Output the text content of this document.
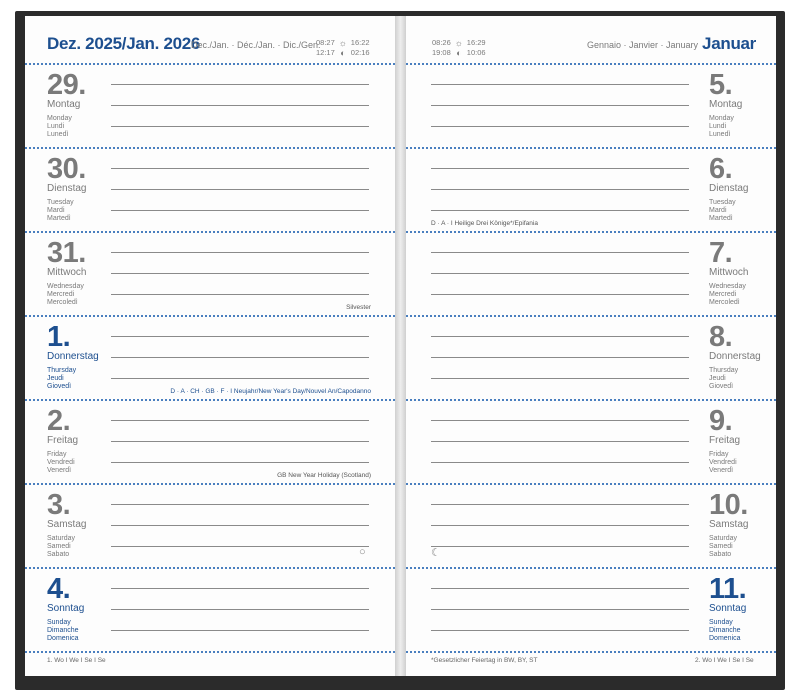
Dez. 2025/Jan. 2026
Dec./Jan. · Déc./Jan. · Dic./Gen.
08:27 ☼ 16:22
12:17 ◐ 02:16
29.
Montag
Monday
Lundi
Lunedì
30.
Dienstag
Tuesday
Mardi
Martedì
31.
Mittwoch
Wednesday
Mercredi
Mercoledì
Silvester
1.
Donnerstag
Thursday
Jeudi
Giovedì
D · A · CH · GB · F · I Neujahr/New Year's Day/Nouvel An/Capodanno
2.
Freitag
Friday
Vendredi
Venerdì
GB New Year Holiday (Scotland)
3.
Samstag
Saturday
Samedi
Sabato	○
4.
Sonntag
Sunday
Dimanche
Domenica
1. Wo I We I Se I Se
08:26 ☼ 16:29
19:08 ◐ 10:06
Gennaio · Janvier · January Januar
5.
Montag
Monday
Lundi
Lunedì
6.
Dienstag
Tuesday
Mardi
Martedì
D · A · I Heilige Drei Könige*/Epifania
7.
Mittwoch
Wednesday
Mercredi
Mercoledì
8.
Donnerstag
Thursday
Jeudi
Giovedì
9.
Freitag
Friday
Vendredi
Venerdì
10.
Samstag
Saturday
Samedi
Sabato
☾
11.
Sonntag
Sunday
Dimanche
Domenica
*Gesetzlicher Feiertag in BW, BY, ST	2. Wo I We I Se I Se
